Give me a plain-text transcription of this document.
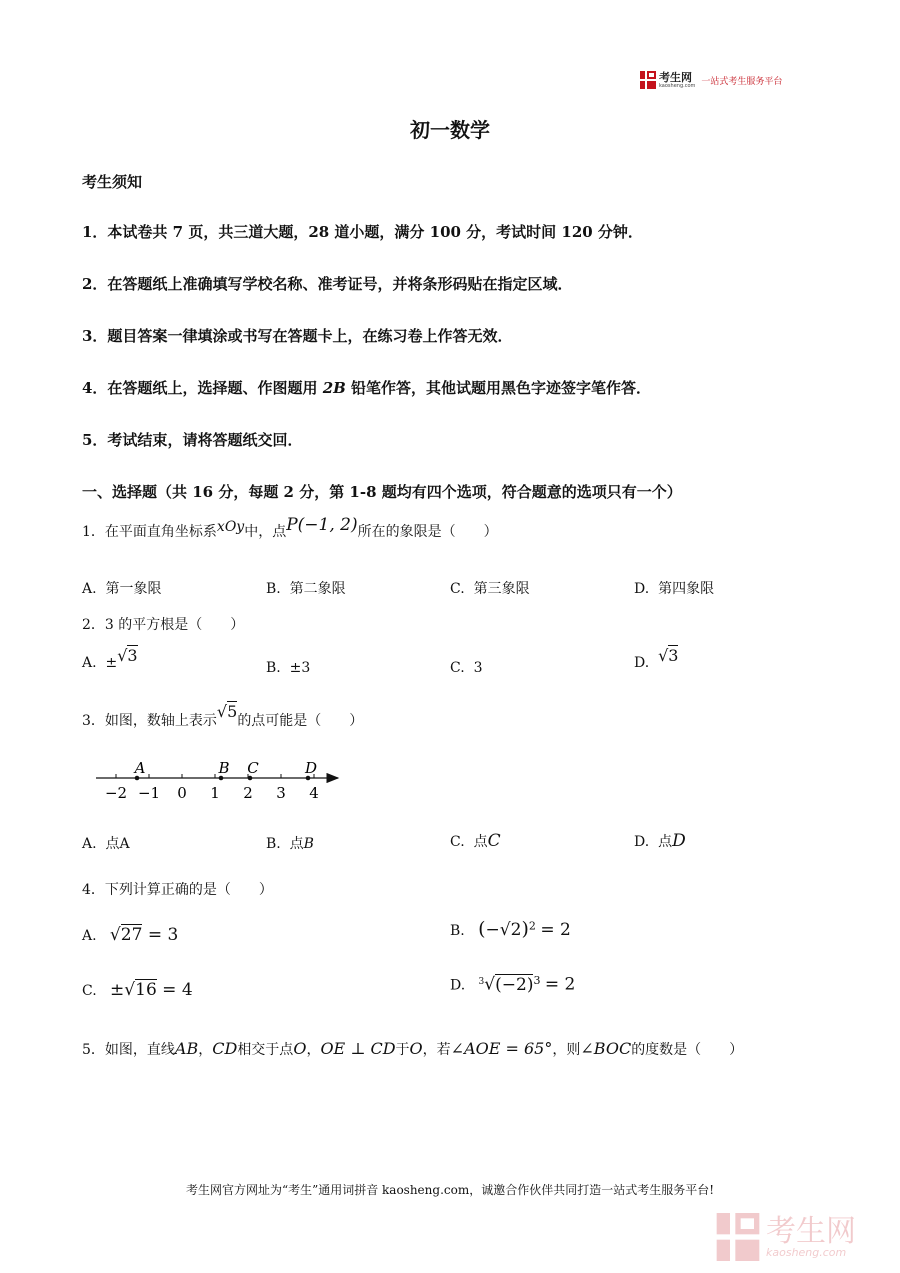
考生网
kaosheng.com 一站式考生服务平台
初一数学
考生须知
1．本试卷共 7 页，共三道大题，28 道小题，满分 100 分，考试时间 120 分钟．
2．在答题纸上准确填写学校名称、准考证号，并将条形码贴在指定区域．
3．题目答案一律填涂或书写在答题卡上，在练习卷上作答无效．
4．在答题纸上，选择题、作图题用 2B 铅笔作答，其他试题用黑色字迹签字笔作答．
5．考试结束，请将答题纸交回．
一、选择题（共 16 分，每题 2 分，第 1-8 题均有四个选项，符合题意的选项只有一个）
1．在平面直角坐标系xOy中，点P(−1, 2)所在的象限是（　　）
A. 第一象限	B. 第二象限	C. 第三象限	D. 第四象限
2．3 的平方根是（　　）
A. ±√3
B. ±3	C. 3	D. √3
3．如图，数轴上表示√5的点可能是（　　）
−2 −1 0 1 2 3 4
A	B C	D
A. 点A	B. 点B	C. 点C	D. 点D
4．下列计算正确的是（　　）
A. √27 = 3	B. $(-√2)^2 = 2$
C. ±√16 = 4	D. $^3√(-2)^3 = 2$
5．如图，直线AB，CD相交于点O，OE ⊥ CD于O，若∠AOE = 65°，则∠BOC的度数是（　　）
考生网官方网址为“考生”通用词拼音 kaosheng.com，诚邀合作伙伴共同打造一站式考生服务平台!
考生网
kaosheng.com
